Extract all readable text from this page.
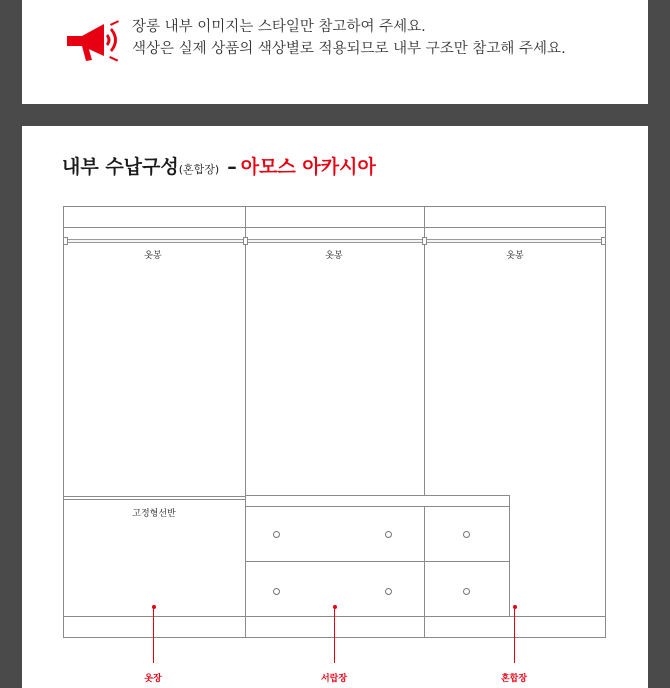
장롱 내부 이미지는 스타일만 참고하여 주세요.
색상은 실제 상품의 색상별로 적용되므로 내부 구조만 참고해 주세요.
내부 수납구성(혼합장) – 아모스 아카시아
옷봉	옷봉	옷봉
고정형선반
옷장	서랍장	혼합장
